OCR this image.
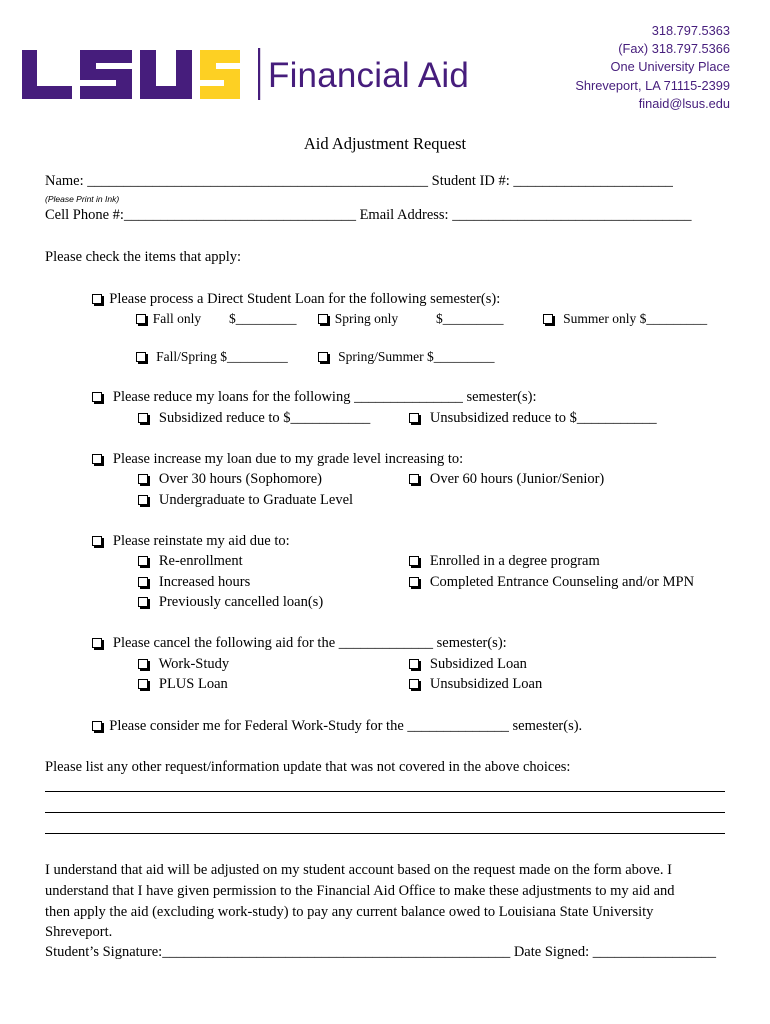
Financial Aid
318.797.5363
(Fax) 318.797.5366
One University Place
Shreveport, LA 71115-2399
finaid@lsus.edu
Aid Adjustment Request
Name: _______________________________________________ Student ID #: ______________________
(Please Print in Ink)
Cell Phone #:________________________________ Email Address: _________________________________
Please check the items that apply:
Please process a Direct Student Loan for the following semester(s):
Fall only $_________	Spring only	$_________	Summer only $_________
Fall/Spring $_________	Spring/Summer $_________
Please reduce my loans for the following _______________ semester(s):
Subsidized reduce to $___________	Unsubsidized reduce to $___________
Please increase my loan due to my grade level increasing to:
Over 30 hours (Sophomore)	Over 60 hours (Junior/Senior)
Undergraduate to Graduate Level
Please reinstate my aid due to:
Re-enrollment	Enrolled in a degree program
Increased hours	Completed Entrance Counseling and/or MPN
Previously cancelled loan(s)
Please cancel the following aid for the _____________ semester(s):
Work-Study	Subsidized Loan
PLUS Loan	Unsubsidized Loan
Please consider me for Federal Work-Study for the ______________ semester(s).
Please list any other request/information update that was not covered in the above choices:
I understand that aid will be adjusted on my student account based on the request made on the form above. I
understand that I have given permission to the Financial Aid Office to make these adjustments to my aid and
then apply the aid (excluding work-study) to pay any current balance owed to Louisiana State University
Shreveport.
Student’s Signature:________________________________________________ Date Signed: _________________
